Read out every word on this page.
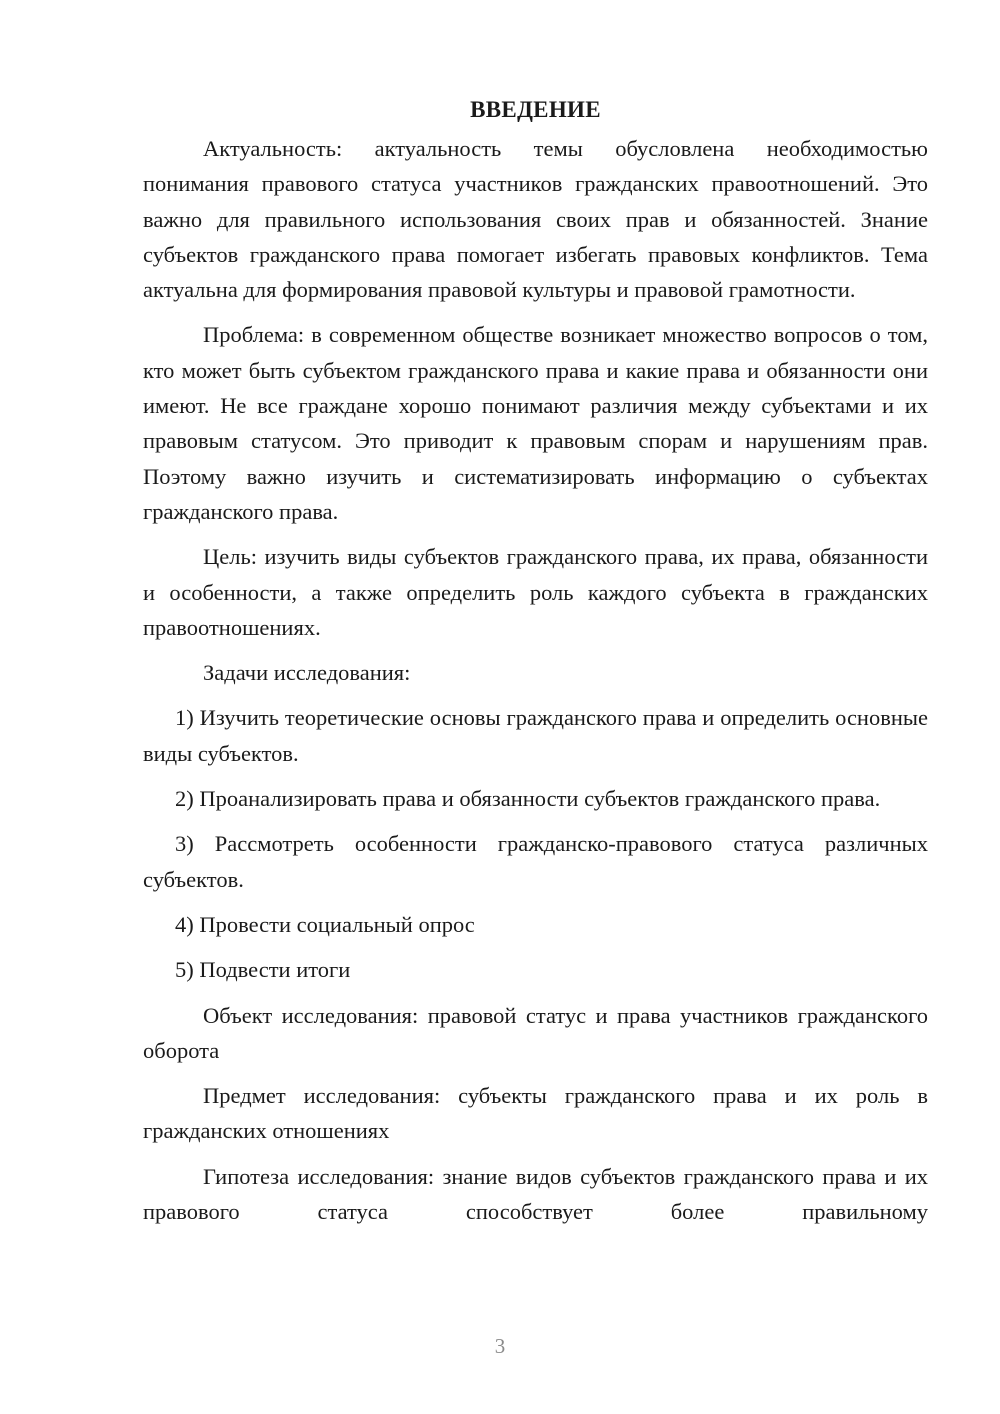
ВВЕДЕНИЕ

Актуальность: актуальность темы обусловлена необходимостью понимания правового статуса участников гражданских правоотношений. Это важно для правильного использования своих прав и обязанностей. Знание субъектов гражданского права помогает избегать правовых конфликтов. Тема актуальна для формирования правовой культуры и правовой грамотности.

Проблема: в современном обществе возникает множество вопросов о том, кто может быть субъектом гражданского права и какие права и обязанности они имеют. Не все граждане хорошо понимают различия между субъектами и их правовым статусом. Это приводит к правовым спорам и нарушениям прав. Поэтому важно изучить и систематизировать информацию о субъектах гражданского права.

Цель: изучить виды субъектов гражданского права, их права, обязанности и особенности, а также определить роль каждого субъекта в гражданских правоотношениях.

Задачи исследования:

1) Изучить теоретические основы гражданского права и определить основные виды субъектов.

2) Проанализировать права и обязанности субъектов гражданского права.

3) Рассмотреть особенности гражданско-правового статуса различных субъектов.

4) Провести социальный опрос

5) Подвести итоги

Объект исследования: правовой статус и права участников гражданского оборота

Предмет исследования: субъекты гражданского права и их роль в гражданских отношениях

Гипотеза исследования: знание видов субъектов гражданского права и их правового статуса способствует более правильному

3
